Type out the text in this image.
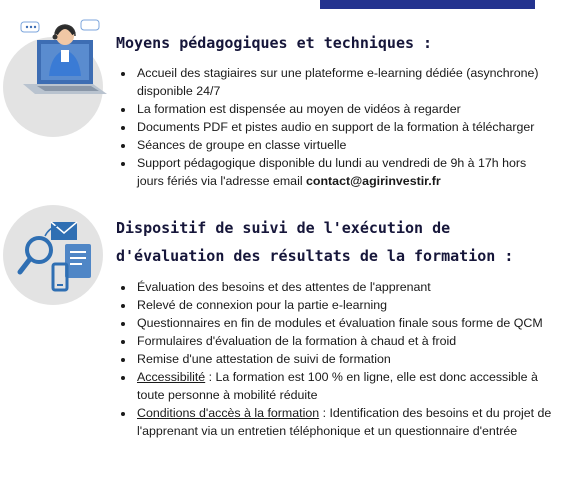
Moyens pédagogiques et techniques :
• Accueil des stagiaires sur une plateforme e-learning dédiée (asynchrone) disponible 24/7
• La formation est dispensée au moyen de vidéos à regarder
• Documents PDF et pistes audio en support de la formation à télécharger
• Séances de groupe en classe virtuelle
• Support pédagogique disponible du lundi au vendredi de 9h à 17h hors jours fériés via l'adresse email contact@agirinvestir.fr
Dispositif de suivi de l'exécution de d'évaluation des résultats de la formation :
• Évaluation des besoins et des attentes de l'apprenant
• Relevé de connexion pour la partie e-learning
• Questionnaires en fin de modules et évaluation finale sous forme de QCM
• Formulaires d'évaluation de la formation à chaud et à froid
• Remise d'une attestation de suivi de formation
• Accessibilité : La formation est 100 % en ligne, elle est donc accessible à toute personne à mobilité réduite
• Conditions d'accès à la formation : Identification des besoins et du projet de l'apprenant via un entretien téléphonique et un questionnaire d'entrée
